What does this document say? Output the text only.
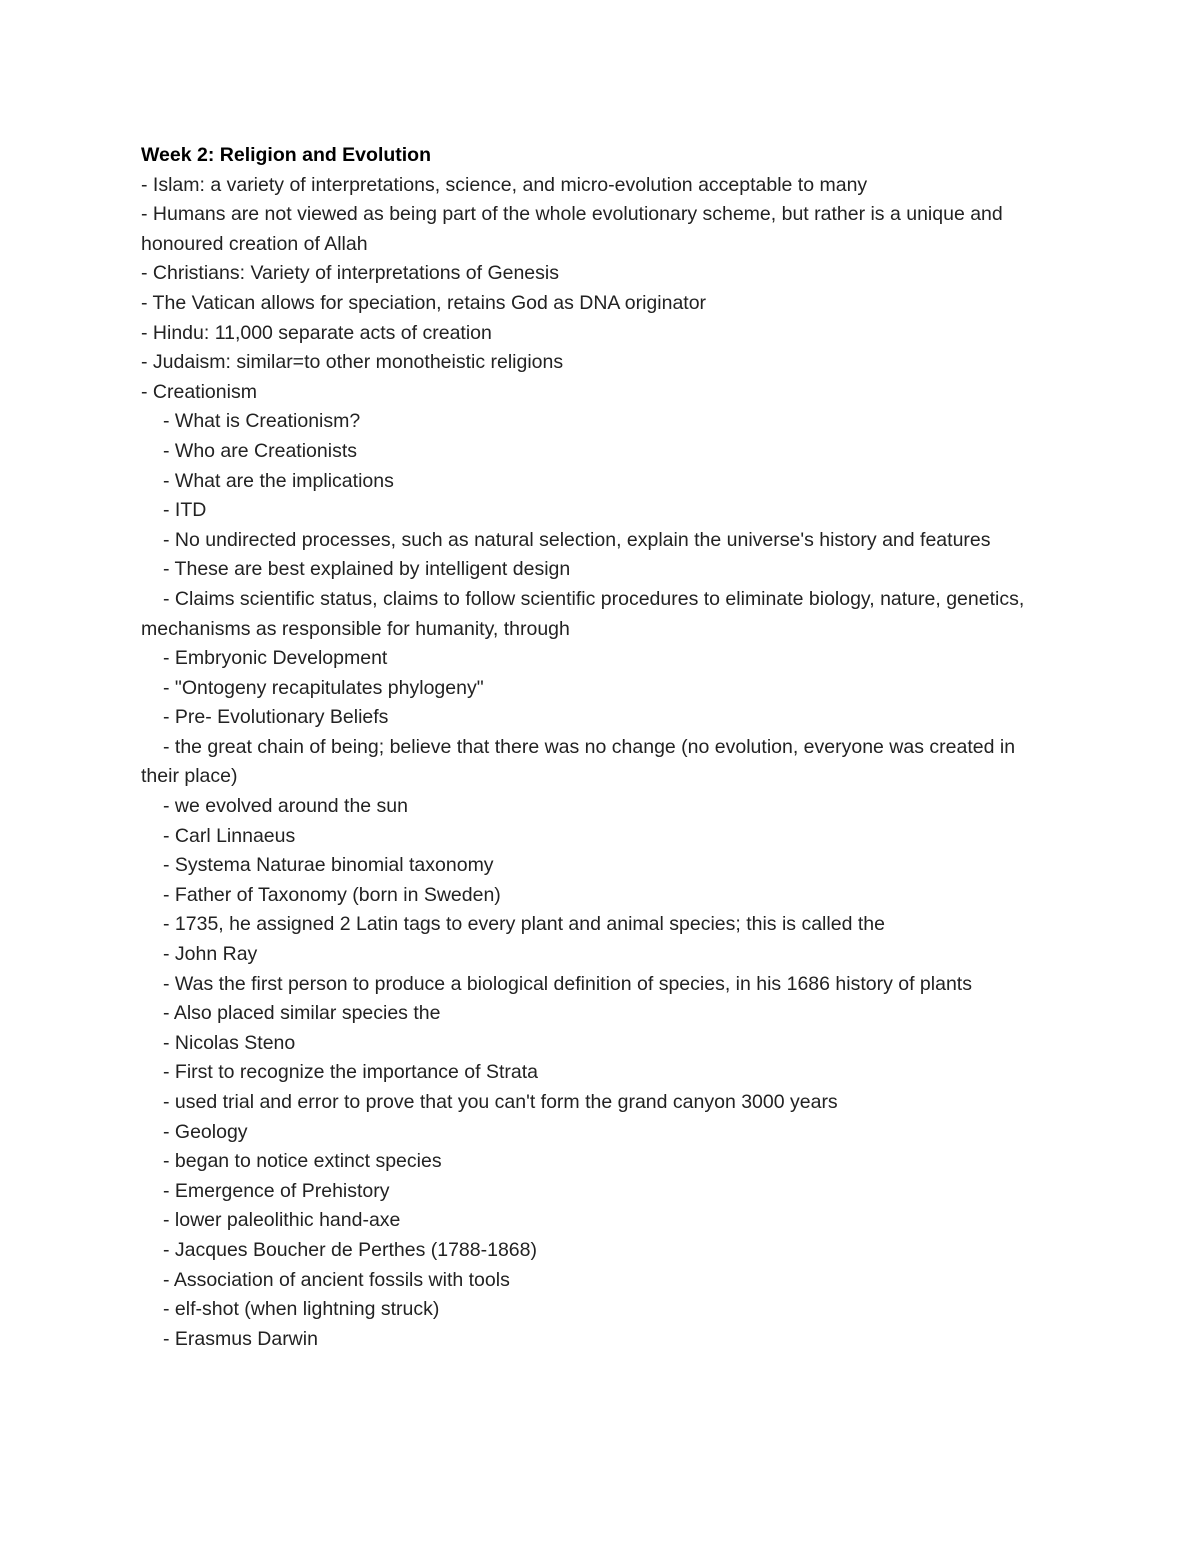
Week 2: Religion and Evolution

- Islam: a variety of interpretations, science, and micro-evolution acceptable to many

- Humans are not viewed as being part of the whole evolutionary scheme, but rather is a unique and honoured creation of Allah

- Christians: Variety of interpretations of Genesis

- The Vatican allows for speciation, retains God as DNA originator

- Hindu: 11,000 separate acts of creation

- Judaism: similar=to other monotheistic religions

- Creationism

- What is Creationism?

- Who are Creationists

- What are the implications

- ITD

- No undirected processes, such as natural selection, explain the universe's history and features

- These are best explained by intelligent design

- Claims scientific status, claims to follow scientific procedures to eliminate biology, nature, genetics, mechanisms as responsible for humanity, through

- Embryonic Development

- "Ontogeny recapitulates phylogeny"

- Pre- Evolutionary Beliefs

- the great chain of being; believe that there was no change (no evolution, everyone was created in their place)

- we evolved around the sun

- Carl Linnaeus

- Systema Naturae binomial taxonomy

- Father of Taxonomy (born in Sweden)

- 1735, he assigned 2 Latin tags to every plant and animal species; this is called the

- John Ray

- Was the first person to produce a biological definition of species, in his 1686 history of plants

- Also placed similar species the

- Nicolas Steno

- First to recognize the importance of Strata

- used trial and error to prove that you can't form the grand canyon 3000 years

- Geology

- began to notice extinct species

- Emergence of Prehistory

- lower paleolithic hand-axe

- Jacques Boucher de Perthes (1788-1868)

- Association of ancient fossils with tools

- elf-shot (when lightning struck)

- Erasmus Darwin
